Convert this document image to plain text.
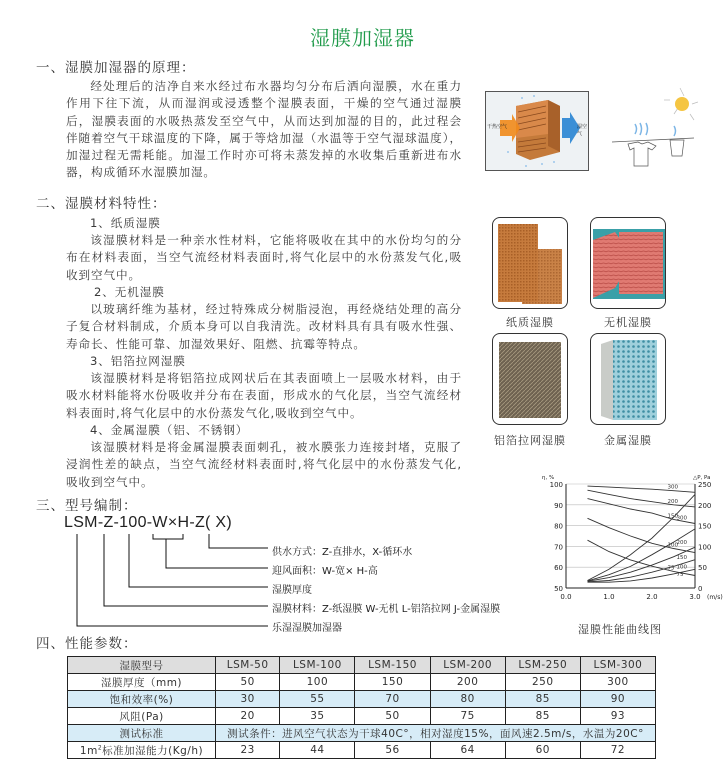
湿膜加湿器
一、湿膜加湿器的原理：
经处理后的洁净自来水经过布水器均匀分布后洒向湿膜，水在重力作用下往下流，从而湿润或浸透整个湿膜表面，干燥的空气通过湿膜后，湿膜表面的水吸热蒸发至空气中，从而达到加湿的目的，此过程会伴随着空气干球温度的下降，属于等焓加湿（水温等于空气湿球温度），加湿过程无需耗能。加湿工作时亦可将未蒸发掉的水收集后重新进布水器，构成循环水湿膜加湿。
干热空气	湿空气
二、湿膜材料特性：
1、纸质湿膜
该湿膜材料是一种亲水性材料，它能将吸收在其中的水份均匀的分布在材料表面，当空气流经材料表面时,将气化层中的水份蒸发气化,吸收到空气中。
2、无机湿膜
以玻璃纤维为基材，经过特殊成分树脂浸泡，再经烧结处理的高分子复合材料制成，介质本身可以自我清洗。改材料具有具有吸水性强、寿命长、性能可靠、加湿效果好、阻燃、抗霉等特点。
3、铝箔拉网湿膜
该湿膜材料是将铝箔拉成网状后在其表面喷上一层吸水材料，由于吸水材料能将水份吸收并分布在表面，形成水的气化层，当空气流经材料表面时,将气化层中的水份蒸发气化,吸收到空气中。
4、金属湿膜（铝、不锈钢）
该湿膜材料是将金属湿膜表面刺孔，被水膜张力连接封堵，克服了浸润性差的缺点，当空气流经材料表面时,将气化层中的水份蒸发气化,吸收到空气中。
纸质湿膜	无机湿膜
铝箔拉网湿膜	金属湿膜
50
60
70
80
90
100
0
50
100
150
200
250
0.0	1.0	2.0	3.0 (m/s)
η, %	△P, Pa
300
200
150
100
75
300
200
150
100
75
湿膜性能曲线图
三、型号编制：
LSM-Z-100-W×H-Z( X)
供水方式：Z-直排水，X-循环水
迎风面积：W-宽× H-高
湿膜厚度
湿膜材料：Z-纸湿膜 W-无机 L-铝箔拉网 J-金属湿膜
乐湿湿膜加湿器
四、性能参数：
湿膜型号	LSM-50	LSM-100	LSM-150	LSM-200	LSM-250	LSM-300
湿膜厚度（mm)	50	100	150	200	250	300
饱和效率(%)	30	55	70	80	85	90
风阻(Pa)	20	35	50	75	85	93
测试标准	测试条件：进风空气状态为干球40C°，相对湿度15%，面风速2.5m/s，水温为20C°					
$1m^2$标准加湿能力(Kg/h)	23	44	56	64	60	72
